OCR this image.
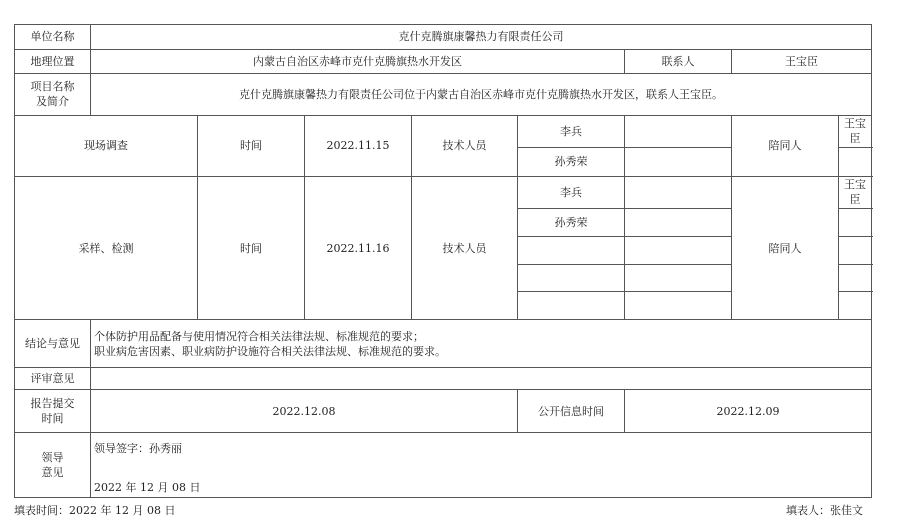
单位名称	克什克腾旗康馨热力有限责任公司							
地理位置	内蒙古自治区赤峰市克什克腾旗热水开发区					联系人	王宝臣	

项目名称
及简介	克什克腾旗康馨热力有限责任公司位于内蒙古自治区赤峰市克什克腾旗热水开发区，联系人王宝臣。							
现场调查		时间	2022.11.15	技术人员	李兵		陪同人	王宝臣
					孙秀荣			
采样、检测		时间	2022.11.16	技术人员	李兵		陪同人	王宝臣
					孙秀荣			

结论与意见	个体防护用品配备与使用情况符合相关法律法规、标准规范的要求；
职业病危害因素、职业病防护设施符合相关法律法规、标准规范的要求。							

评审意见								

报告提交
时间	2022.12.08				公开信息时间	2022.12.09		

领导
意见	领导签字：孙秀丽
2022 年 12 月 08 日							
填表时间：2022 年 12 月 08 日	填表人：张佳文
